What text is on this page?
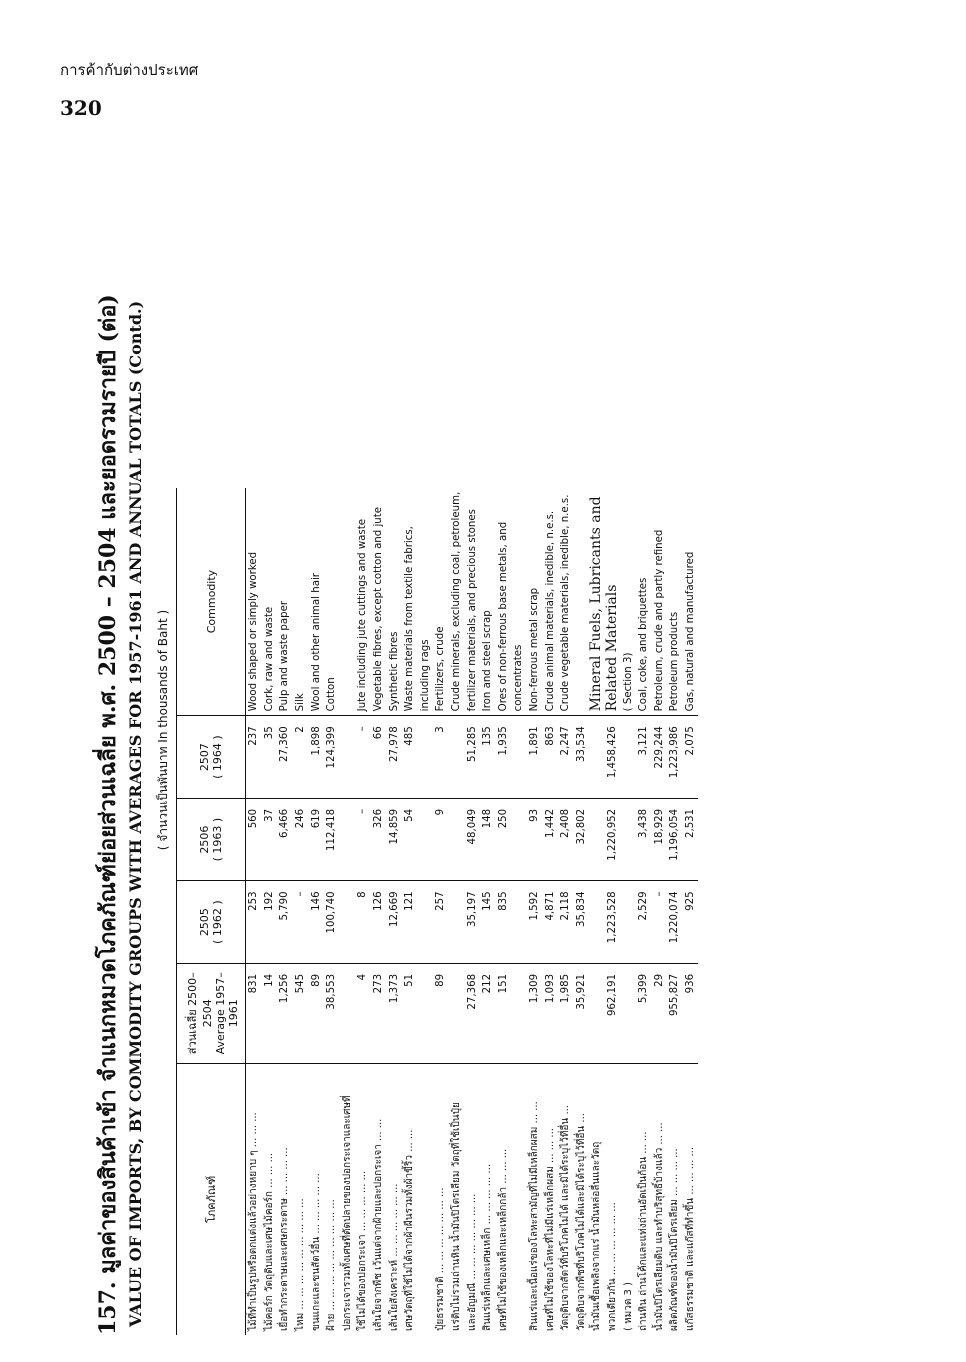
การค้ากับต่างประเทศ
320
157. มูลค่าของสินค้าเข้า จำแนกหมวดโภคภัณฑ์ย่อยส่วนเฉลี่ย พ.ศ. 2500 – 2504 และยอดรวมรายปี (ต่อ) VALUE OF IMPORTS, BY COMMODITY GROUPS WITH AVERAGES FOR 1957-1961 AND ANNUAL TOTALS (Contd.) ( จำนวนเป็นพันบาท In thousands of Baht )
โภคภัณฑ์	ส่วนเฉลี่ย 2500–2504 Average 1957–1961	2505 ( 1962 )	2506 ( 1963 )	2507 ( 1964 )	Commodity
ไม้ที่ทำเป็นรูปหรือตกแต่งแล้วอย่างหยาบ ๆ ... ... ...	831	253	560	237	Wood shaped or simply worked
ไม้คอร์ก วัตถุดิบและเศษไม้คอร์ก ... ... ...	14	192	37	35	Cork, raw and waste
เยื่อทำกระดาษและเศษกระดาษ ... ... ... ...	1,256	5,790	6,466	27,360	Pulp and waste paper
ไหม ... ... ... ... ... ... ... ... ...	545	–	246	2	Silk
ขนแกะและขนสัตว์อื่น ... ... ... ... ...	89	146	619	1,898	Wool and other animal hair
ฝ้าย ... ... ... ... ... ... ... ... ...	38,553	100,740	112,418	124,399	Cotton
ปอกระเจารวมทั้งเศษที่ตัดปลายของปอกระเจาและเศษที่					
ใช้ไม่ได้ของปอกระเจา ... ... ... ... ...	4	8	–	–	Jute including jute cuttings and waste
เส้นใยจากพืช เว้นแต่จากฝ้ายและปอกระเจา ... ...	273	126	326	66	Vegetable fibres, except cotton and jute
เส้นใยสังเคราะห์ ... ... ... ... ... ...	1,373	12,669	14,859	27,978	Synthetic fibres
เศษวัตถุที่ใช้ไม่ได้จากผ้าผืนรวมทั้งผ้าขี้ริ้ว ... ...	51	121	54	485	Waste materials from textile fabrics,
					including rags
ปุ๋ยธรรมชาติ ... ... ... ... ... ... ...	89	257	9	3	Fertilizers, crude
แร่ดิบไม่รวมถ่านหิน น้ำมันปิโตรเลียม วัตถุที่ใช้เป็นปุ๋ย					Crude minerals, excluding coal, petroleum,
และอัญมณี ... ... ... ... ... ... ...	27,368	35,197	48,049	51,285	fertilizer materials, and precious stones
สินแร่เหล็กและเศษเหล็ก ... ... ... ... ...	212	145	148	135	Iron and steel scrap
เศษที่ไม่ใช้ของเหล็กและเหล็กกล้า ... ... ...	151	835	250	1,935	Ores of non-ferrous base metals, and
					concentrates
สินแร่และเนื้อแร่ของโลหะสามัญที่ไม่มีเหล็กผสม ... ...	1,309	1,592	93	1,891	Non-ferrous metal scrap
เศษที่ไม่ใช้ของโลหะที่ไม่มีแร่เหล็กผสม ... ... ...	1,093	4,871	1,442	863	Crude animal materials, inedible, n.e.s.
วัตถุดิบจากสัตว์ที่บริโภคไม่ได้ และมิได้ระบุไว้ที่อื่น ...	1,985	2,118	2,408	2,247	Crude vegetable materials, inedible, n.e.s.
วัตถุดิบจากพืชที่บริโภคไม่ได้และมิได้ระบุไว้ที่อื่น ...	35,921	35,834	32,802	33,534	
น้ำมันเชื้อเพลิงจากแร่ น้ำมันหล่อลื่นและวัตถุ					Mineral Fuels, Lubricants and
พวกเดียวกัน ... ... ... ... ... ...	962,191	1,223,528	1,220,952	1,458,426	Related Materials
( หมวด 3 )					( Section 3)
ถ่านหิน ถ่านโค้กและแท่งถ่านอัดเป็นก้อน ... ...	5,399	2,529	3,438	3,121	Coal, coke, and briquettes
น้ำมันปิโตรเลียมดิบ และทำบริสุทธิ์บ้างแล้ว ... ...	29	–	18,929	229,244	Petroleum, crude and partly refined
ผลิตภัณฑ์ของน้ำมันปิโตรเลียม ... ... ... ...	955,827	1,220,074	1,196,054	1,223,986	Petroleum products
แก๊สธรรมชาติ และแก๊สที่ทำขึ้น ... ... ... ...	936	925	2,531	2,075	Gas, natural and manufactured
